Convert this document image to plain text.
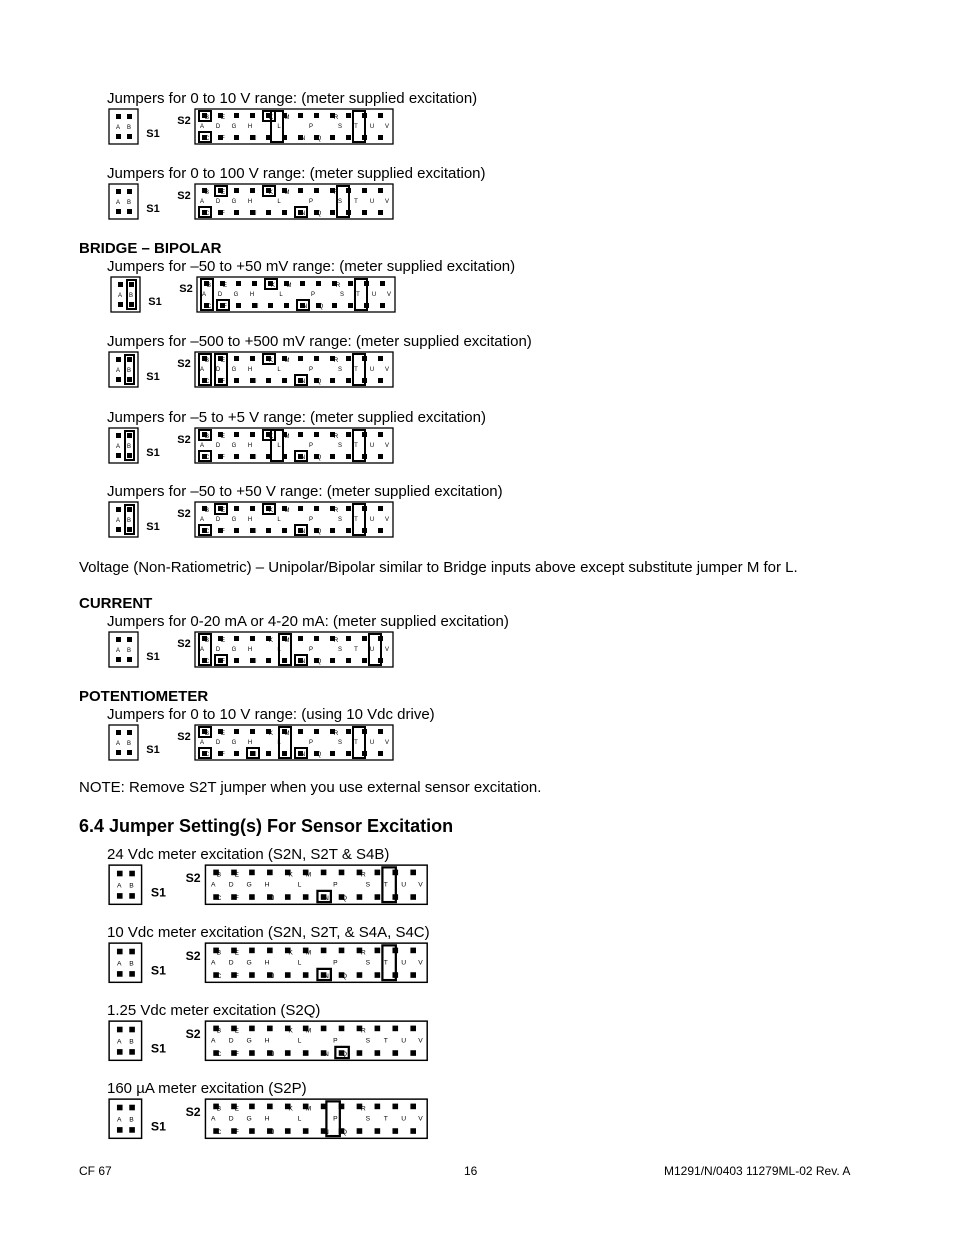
Jumpers for 0 to 10 V range: (meter supplied excitation)
Jumpers for 0 to 100 V range: (meter supplied excitation)
BRIDGE – BIPOLAR
Jumpers for –50 to +50 mV range: (meter supplied excitation)
Jumpers for –500 to +500 mV range: (meter supplied excitation)
Jumpers for –5 to +5 V range: (meter supplied excitation)
Jumpers for –50 to +50 V range: (meter supplied excitation)
Voltage (Non-Ratiometric) – Unipolar/Bipolar similar to Bridge inputs above except substitute jumper M for L.
CURRENT
Jumpers for 0-20 mA or 4-20 mA: (meter supplied excitation)
POTENTIOMETER
Jumpers for 0 to 10 V range: (using 10 Vdc drive)
NOTE: Remove S2T jumper when you use external sensor excitation.
6.4 Jumper Setting(s) For Sensor Excitation
24 Vdc meter excitation (S2N, S2T & S4B)
10 Vdc meter excitation (S2N, S2T, & S4A, S4C)
1.25 Vdc meter excitation (S2Q)
160 µA meter excitation (S2P)
A B S1
S2 B E	K M	R
A D G H	L	P	S T U V
C F	J	N Q
A B S1
S2 B E	K M	R
A D G H	L	P	S T U V
C F	J	N Q
A B S1
S2 B E	K M	R
A D G H	L	P	S T U V
C F	J	N Q
A B S1
S2 B E	K M	R
A D G H	L	P	S T U V
C F	J	N Q
A B S1
S2 B E	K M	R
A D G H	L	P	S T U V
C F	J	N Q
A B S1
S2 B E	K M	R
A D G H	L	P	S T U V
C F	J	N Q
A B S1
S2 B E	K M	R
A D G H	L	P	S T U V
C F	J	N Q
A B S1
S2 B E	K M	R
A D G H	L	P	S T U V
C F	J	N Q
A B S1
S2	B E	K M	R
A D G H	L	P	S T U V
C F	J	N Q
A B S1
S2	B E	K M	R
A D G H	L	P	S T U V
C F	J	N Q
A B S1
S2	B E	K M	R
A D G H	L	P	S T U V
C F	J	N Q
A B S1
S2	B E	K M	R
A D G H	L	P	S T U V
C F	J	N Q
CF 67	16	M1291/N/0403 11279ML-02 Rev. A
